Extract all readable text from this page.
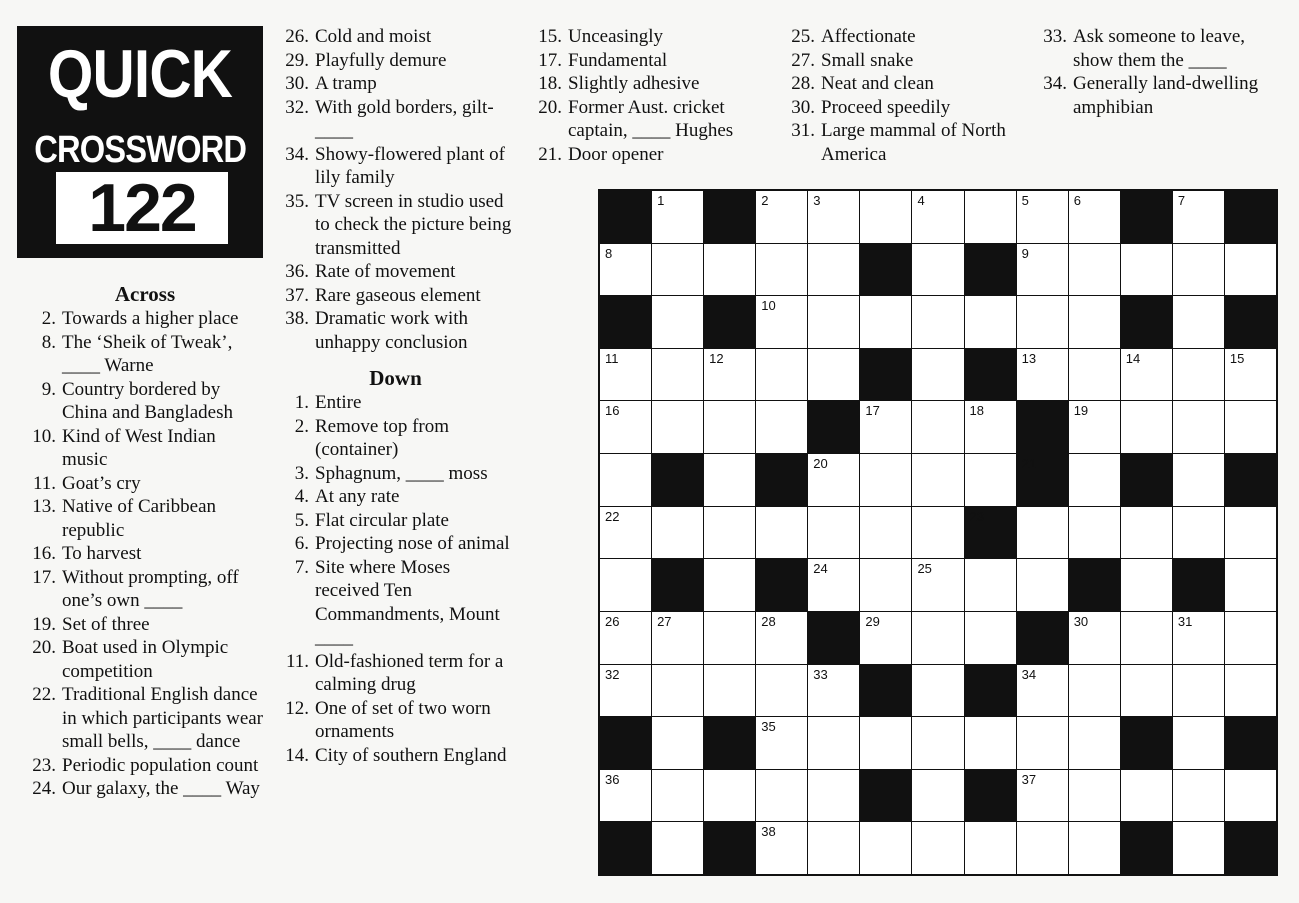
QUICK
CROSSWORD
122
Across
2. Towards a higher place
8. The ‘Sheik of Tweak’, ____ Warne
9. Country bordered by China and Bangladesh
10. Kind of West Indian music
11. Goat’s cry
13. Native of Caribbean republic
16. To harvest
17. Without prompting, off one’s own ____
19. Set of three
20. Boat used in Olympic competition
22. Traditional English dance in which participants wear small bells, ____ dance
23. Periodic population count
24. Our galaxy, the ____ Way
26. Cold and moist
29. Playfully demure
30. A tramp
32. With gold borders, gilt-____
34. Showy-flowered plant of lily family
35. TV screen in studio used to check the picture being transmitted
36. Rate of movement
37. Rare gaseous element
38. Dramatic work with unhappy conclusion
Down
1. Entire
2. Remove top from (container)
3. Sphagnum, ____ moss
4. At any rate
5. Flat circular plate
6. Projecting nose of animal
7. Site where Moses received Ten Commandments, Mount ____
11. Old-fashioned term for a calming drug
12. One of set of two worn ornaments
14. City of southern England
15. Unceasingly
17. Fundamental
18. Slightly adhesive
20. Former Aust. cricket captain, ____ Hughes
21. Door opener
25. Affectionate
27. Small snake
28. Neat and clean
30. Proceed speedily
31. Large mammal of North America
33. Ask someone to leave, show them the ____
34. Generally land-dwelling amphibian
1	2	3	4	5	6	7
8	9
10
11	12	13	14	15
16	17	18	19
20	21
22	23
24	25
26	27	28	29	30	31
32	33	34
35
36	37
38
